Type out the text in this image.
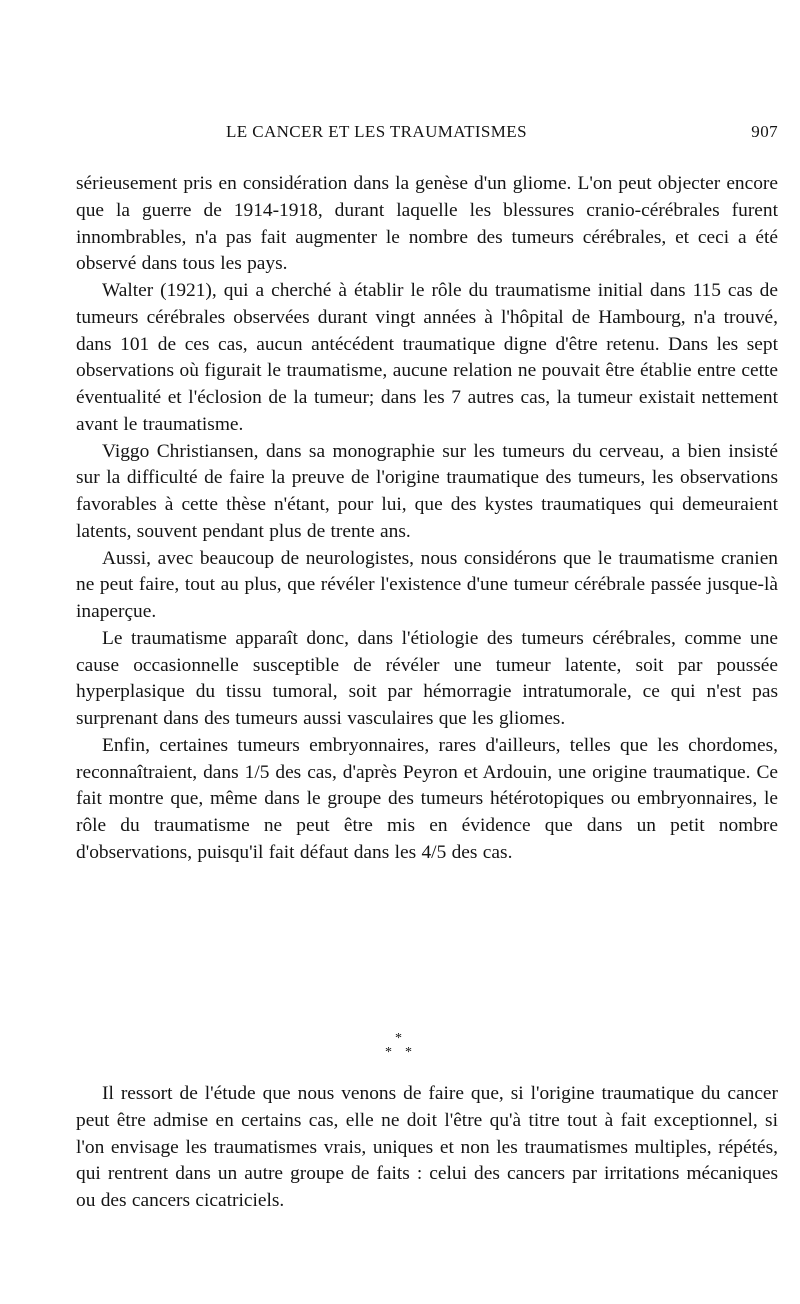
LE CANCER ET LES TRAUMATISMES	907

sérieusement pris en considération dans la genèse d'un gliome. L'on peut objecter encore que la guerre de 1914-1918, durant laquelle les blessures cranio-cérébrales furent innombrables, n'a pas fait augmenter le nombre des tumeurs cérébrales, et ceci a été observé dans tous les pays.

Walter (1921), qui a cherché à établir le rôle du traumatisme initial dans 115 cas de tumeurs cérébrales observées durant vingt années à l'hôpital de Hambourg, n'a trouvé, dans 101 de ces cas, aucun antécédent traumatique digne d'être retenu. Dans les sept observations où figurait le traumatisme, aucune relation ne pouvait être établie entre cette éventualité et l'éclosion de la tumeur; dans les 7 autres cas, la tumeur existait nettement avant le traumatisme.

Viggo Christiansen, dans sa monographie sur les tumeurs du cerveau, a bien insisté sur la difficulté de faire la preuve de l'origine traumatique des tumeurs, les observations favorables à cette thèse n'étant, pour lui, que des kystes traumatiques qui demeuraient latents, souvent pendant plus de trente ans.

Aussi, avec beaucoup de neurologistes, nous considérons que le traumatisme cranien ne peut faire, tout au plus, que révéler l'existence d'une tumeur cérébrale passée jusque-là inaperçue.

Le traumatisme apparaît donc, dans l'étiologie des tumeurs cérébrales, comme une cause occasionnelle susceptible de révéler une tumeur latente, soit par poussée hyperplasique du tissu tumoral, soit par hémorragie intratumorale, ce qui n'est pas surprenant dans des tumeurs aussi vasculaires que les gliomes.

Enfin, certaines tumeurs embryonnaires, rares d'ailleurs, telles que les chordomes, reconnaîtraient, dans 1/5 des cas, d'après Peyron et Ardouin, une origine traumatique. Ce fait montre que, même dans le groupe des tumeurs hétérotopiques ou embryonnaires, le rôle du traumatisme ne peut être mis en évidence que dans un petit nombre d'observations, puisqu'il fait défaut dans les 4/5 des cas.

*
* *

Il ressort de l'étude que nous venons de faire que, si l'origine traumatique du cancer peut être admise en certains cas, elle ne doit l'être qu'à titre tout à fait exceptionnel, si l'on envisage les traumatismes vrais, uniques et non les traumatismes multiples, répétés, qui rentrent dans un autre groupe de faits : celui des cancers par irritations mécaniques ou des cancers cicatriciels.
